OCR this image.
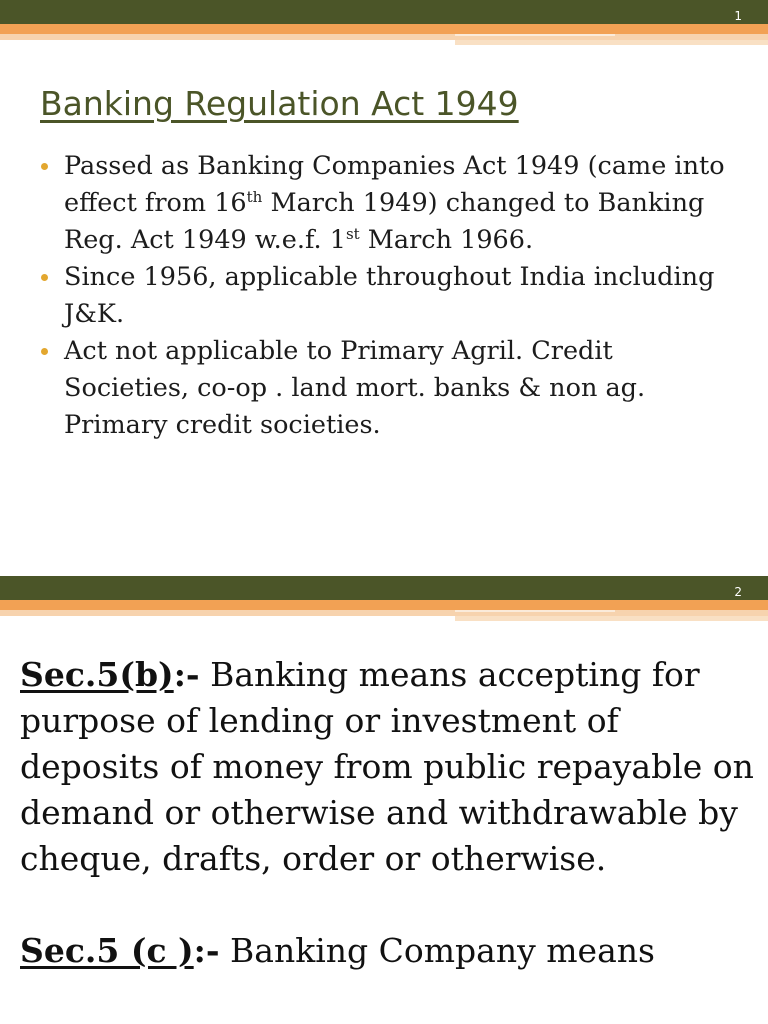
1
Banking Regulation Act 1949
Passed as Banking Companies Act 1949 (came into effect from 16th March 1949) changed to Banking Reg. Act 1949 w.e.f. 1st March 1966.
Since 1956, applicable throughout India including J&K.
Act not applicable to Primary Agril. Credit Societies, co-op . land mort. banks & non ag. Primary credit societies.
2

Sec.5(b):- Banking means accepting for purpose of lending or investment of deposits of money from public repayable on demand or otherwise and withdrawable by cheque, drafts, order or otherwise.

Sec.5 (c ):- Banking Company means
